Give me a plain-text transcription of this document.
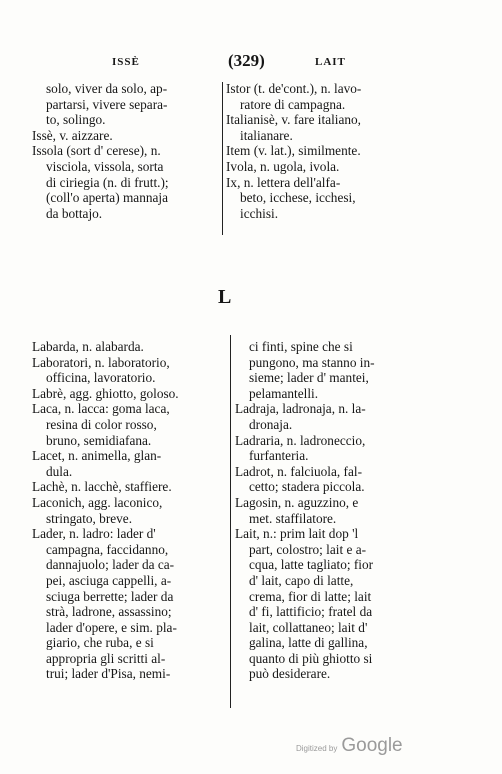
ISSÈ	(329)	LAIT
solo, viver da solo, ap-
partarsi, vivere separa-
to, solingo.
Issè, v. aizzare.
Issola (sort d' cerese), n.
visciola, vissola, sorta
di ciriegia (n. di frutt.);
(coll'o aperta) mannaja
da bottajo.
Istor (t. de'cont.), n. lavo-
ratore di campagna.
Italianisè, v. fare italiano,
italianare.
Item (v. lat.), similmente.
Ivola, n. ugola, ivola.
Ix, n. lettera dell'alfa-
beto, icchese, icchesi,
icchisi.
L
Labarda, n. alabarda.
Laboratori, n. laboratorio,
officina, lavoratorio.
Labrè, agg. ghiotto, goloso.
Laca, n. lacca: goma laca,
resina di color rosso,
bruno, semidiafana.
Lacet, n. animella, glan-
dula.
Lachè, n. lacchè, staffiere.
Laconich, agg. laconico,
stringato, breve.
Lader, n. ladro: lader d'
campagna, faccidanno,
dannajuolo; lader da ca-
pei, asciuga cappelli, a-
sciuga berrette; lader da
strà, ladrone, assassino;
lader d'opere, e sim. pla-
giario, che ruba, e si
appropria gli scritti al-
trui; lader d'Pisa, nemi-
ci finti, spine che si
pungono, ma stanno in-
sieme; lader d' mantei,
pelamantelli.
Ladraja, ladronaja, n. la-
dronaja.
Ladraria, n. ladroneccio,
furfanteria.
Ladrot, n. falciuola, fal-
cetto; stadera piccola.
Lagosin, n. aguzzino, e
met. staffilatore.
Lait, n.: prim lait dop 'l
part, colostro; lait e a-
cqua, latte tagliato; fior
d' lait, capo di latte,
crema, fior di latte; lait
d' fi, lattificio; fratel da
lait, collattaneo; lait d'
galina, latte di gallina,
quanto di più ghiotto si
può desiderare.
Digitized by Google
